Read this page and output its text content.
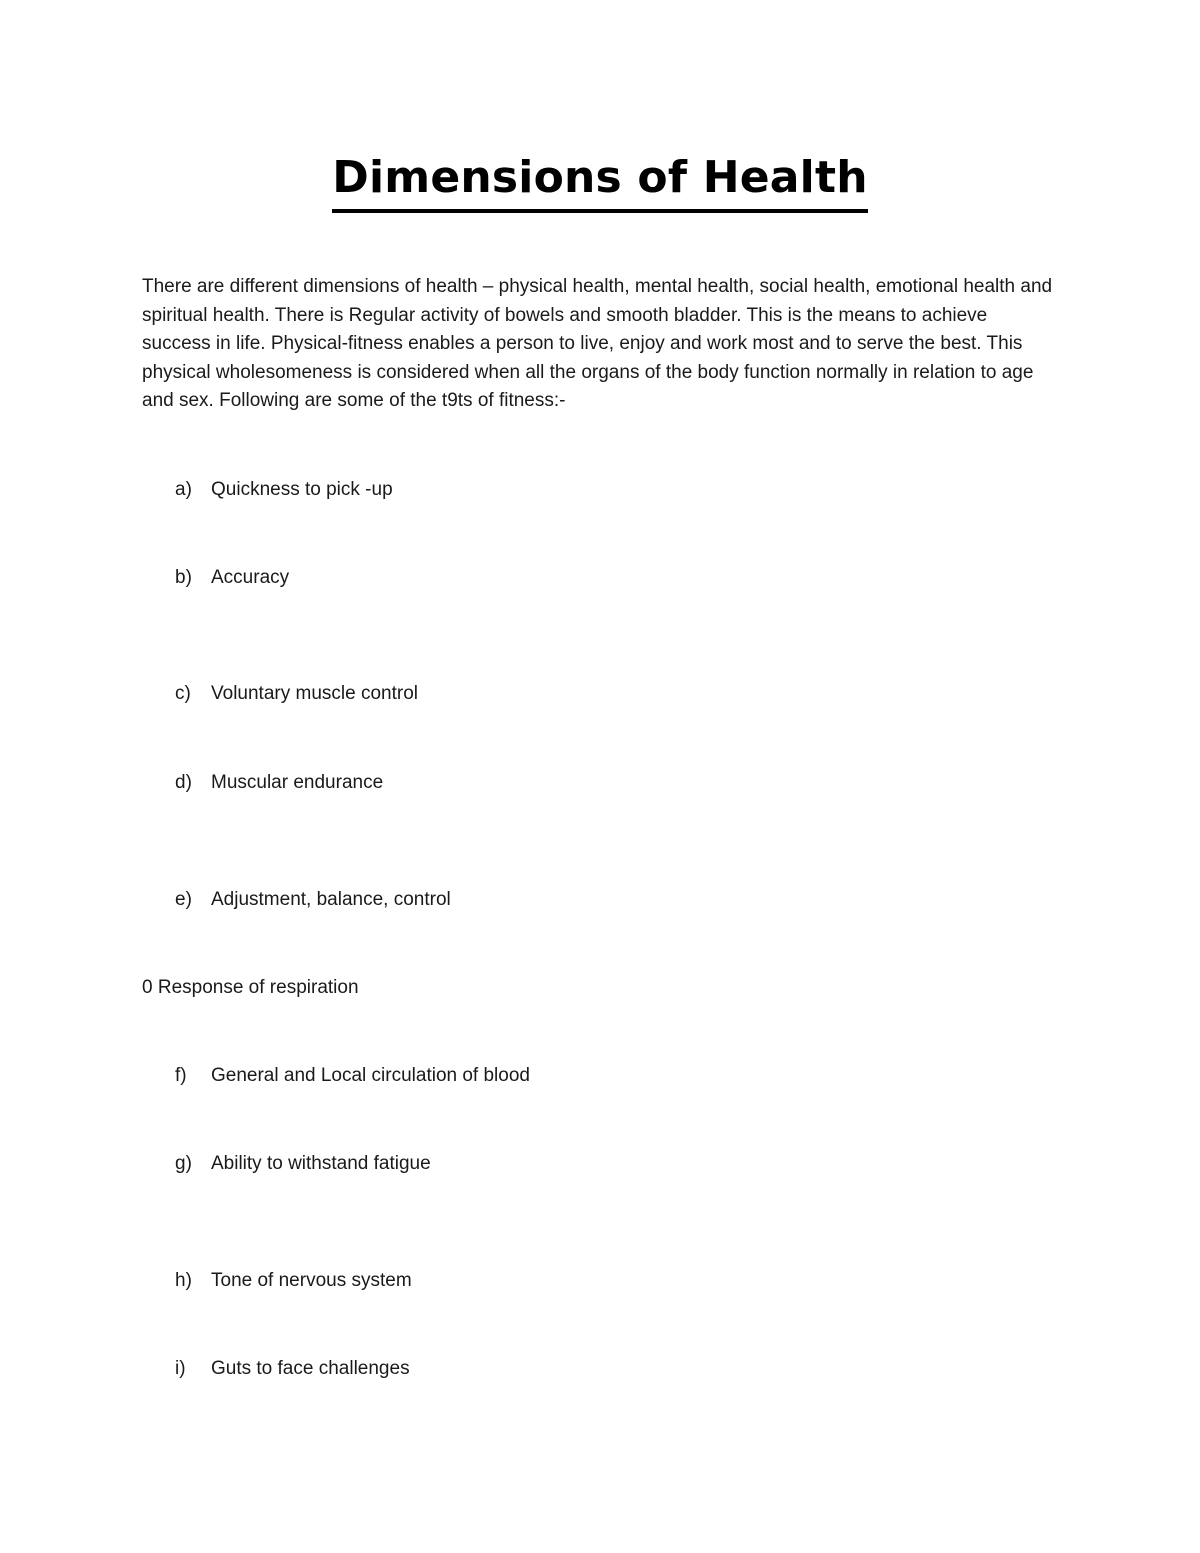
Dimensions of Health

There are different dimensions of health – physical health, mental health, social health, emotional health and spiritual health. There is Regular activity of bowels and smooth bladder. This is the means to achieve success in life. Physical-fitness enables a person to live, enjoy and work most and to serve the best. This physical wholesomeness is considered when all the organs of the body function normally in relation to age and sex. Following are some of the t9ts of fitness:-

a) Quickness to pick -up
b) Accuracy
c) Voluntary muscle control
d) Muscular endurance
e) Adjustment, balance, control
0 Response of respiration
f) General and Local circulation of blood
g) Ability to withstand fatigue
h) Tone of nervous system
i) Guts to face challenges
